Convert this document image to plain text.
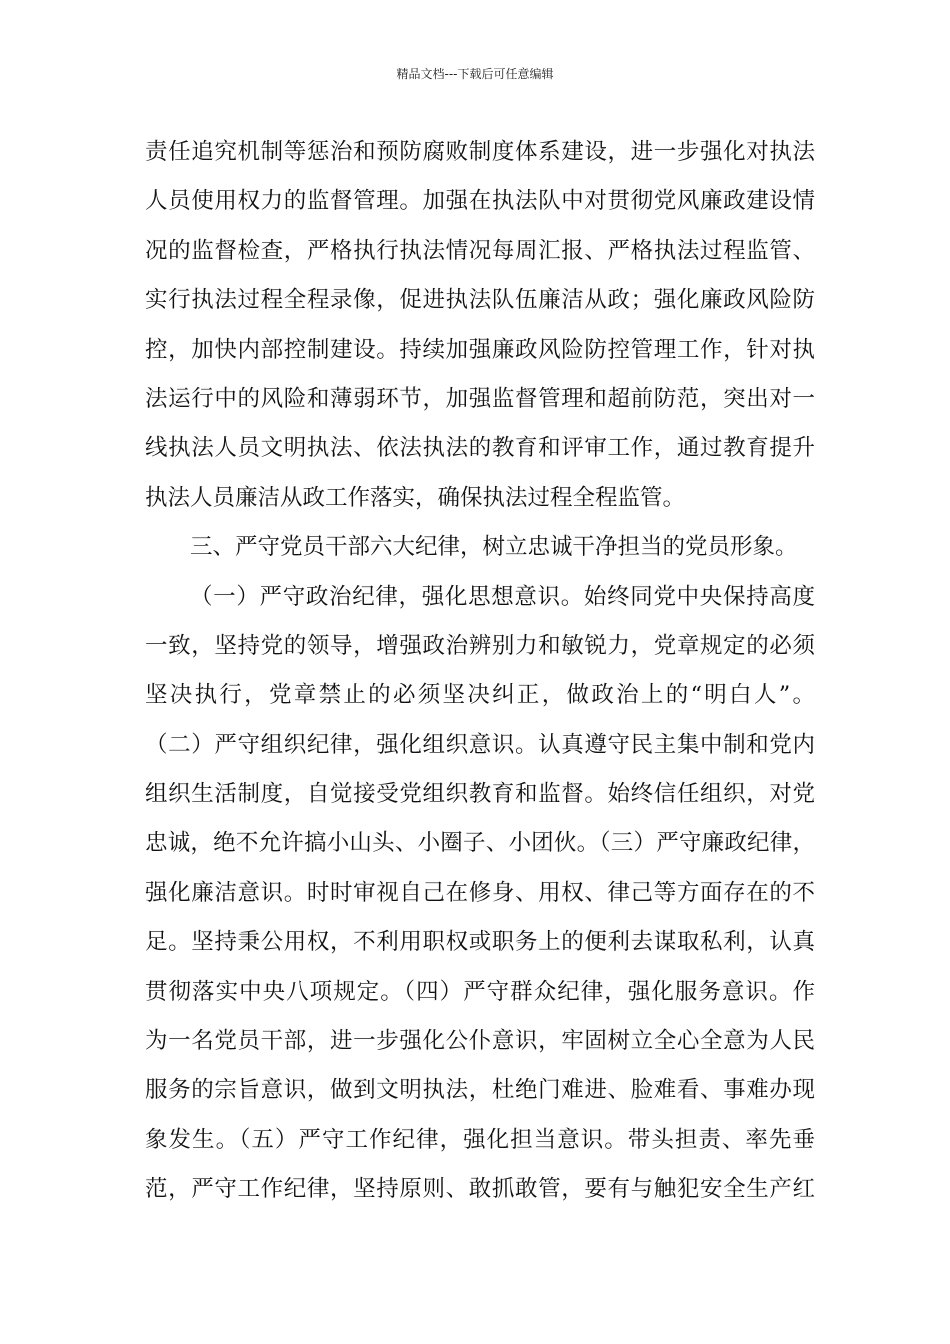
精品文档---下载后可任意编辑
责任追究机制等惩治和预防腐败制度体系建设，进一步强化对执法
人员使用权力的监督管理。加强在执法队中对贯彻党风廉政建设情
况的监督检查，严格执行执法情况每周汇报、严格执法过程监管、
实行执法过程全程录像，促进执法队伍廉洁从政；强化廉政风险防
控，加快内部控制建设。持续加强廉政风险防控管理工作，针对执
法运行中的风险和薄弱环节，加强监督管理和超前防范，突出对一
线执法人员文明执法、依法执法的教育和评审工作，通过教育提升
执法人员廉洁从政工作落实，确保执法过程全程监管。
三、严守党员干部六大纪律，树立忠诚干净担当的党员形象。
（一）严守政治纪律，强化思想意识。始终同党中央保持高度
一致，坚持党的领导，增强政治辨别力和敏锐力，党章规定的必须
坚决执行，党章禁止的必须坚决纠正，做政治上的“明白人”。
（二）严守组织纪律，强化组织意识。认真遵守民主集中制和党内
组织生活制度，自觉接受党组织教育和监督。始终信任组织，对党
忠诚，绝不允许搞小山头、小圈子、小团伙。（三）严守廉政纪律，
强化廉洁意识。时时审视自己在修身、用权、律己等方面存在的不
足。坚持秉公用权，不利用职权或职务上的便利去谋取私利，认真
贯彻落实中央八项规定。（四）严守群众纪律，强化服务意识。作
为一名党员干部，进一步强化公仆意识，牢固树立全心全意为人民
服务的宗旨意识，做到文明执法，杜绝门难进、脸难看、事难办现
象发生。（五）严守工作纪律，强化担当意识。带头担责、率先垂
范，严守工作纪律，坚持原则、敢抓敢管，要有与触犯安全生产红
